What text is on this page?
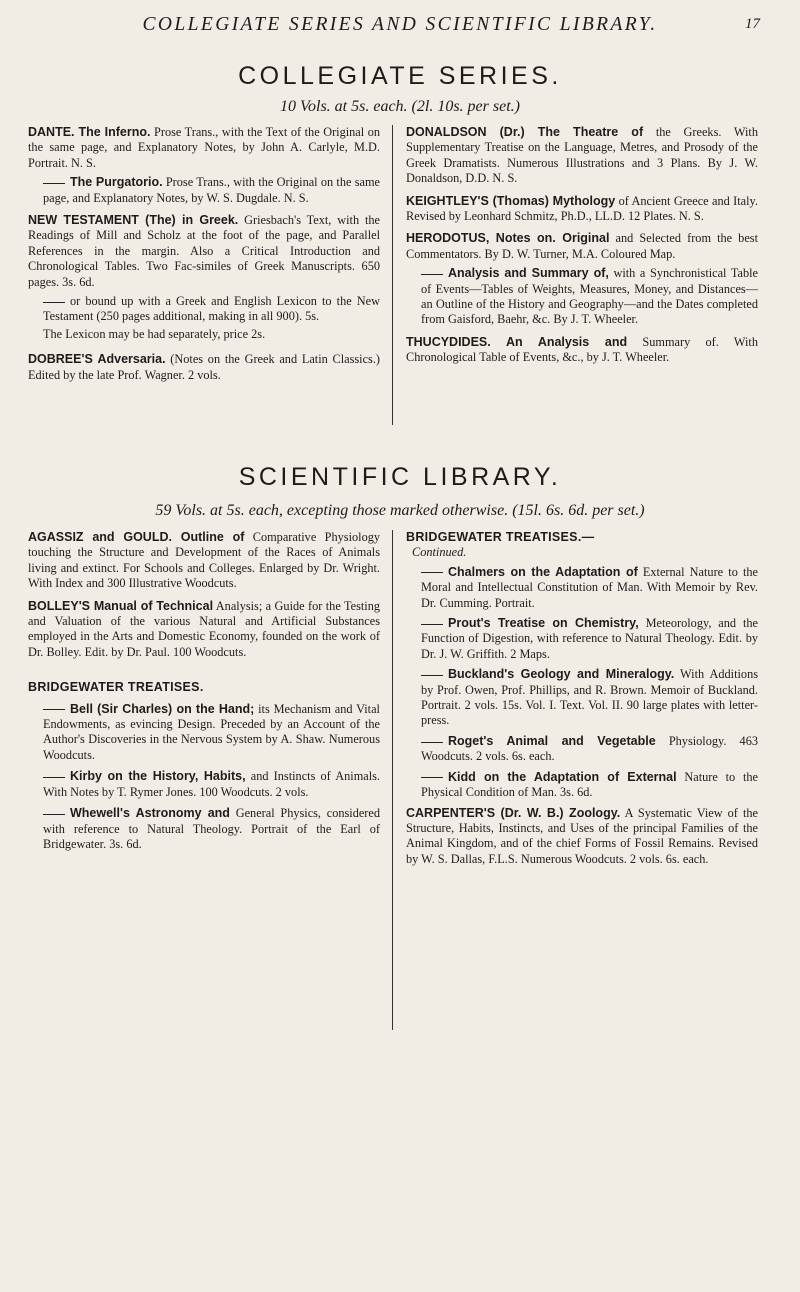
COLLEGIATE SERIES AND SCIENTIFIC LIBRARY.	17
COLLEGIATE SERIES.
10 Vols. at 5s. each. (2l. 10s. per set.)

DANTE. The Inferno. Prose Trans., with the Text of the Original on the same page, and Explanatory Notes, by John A. Carlyle, M.D. Portrait. N. S.

The Purgatorio. Prose Trans., with the Original on the same page, and Explanatory Notes, by W. S. Dugdale. N. S.

NEW TESTAMENT (The) in Greek. Griesbach's Text, with the Readings of Mill and Scholz at the foot of the page, and Parallel References in the margin. Also a Critical Introduction and Chronological Tables. Two Fac-similes of Greek Manuscripts. 650 pages. 3s. 6d.

or bound up with a Greek and English Lexicon to the New Testament (250 pages additional, making in all 900). 5s.

The Lexicon may be had separately, price 2s.

DOBREE'S Adversaria. (Notes on the Greek and Latin Classics.) Edited by the late Prof. Wagner. 2 vols.

DONALDSON (Dr.) The Theatre of the Greeks. With Supplementary Treatise on the Language, Metres, and Prosody of the Greek Dramatists. Numerous Illustrations and 3 Plans. By J. W. Donaldson, D.D. N. S.

KEIGHTLEY'S (Thomas) Mythology of Ancient Greece and Italy. Revised by Leonhard Schmitz, Ph.D., LL.D. 12 Plates. N. S.

HERODOTUS, Notes on. Original and Selected from the best Commentators. By D. W. Turner, M.A. Coloured Map.

Analysis and Summary of, with a Synchronistical Table of Events—Tables of Weights, Measures, Money, and Distances—an Outline of the History and Geography—and the Dates completed from Gaisford, Baehr, &c. By J. T. Wheeler.

THUCYDIDES. An Analysis and Summary of. With Chronological Table of Events, &c., by J. T. Wheeler.

SCIENTIFIC LIBRARY.
59 Vols. at 5s. each, excepting those marked otherwise. (15l. 6s. 6d. per set.)

AGASSIZ and GOULD. Outline of Comparative Physiology touching the Structure and Development of the Races of Animals living and extinct. For Schools and Colleges. Enlarged by Dr. Wright. With Index and 300 Illustrative Woodcuts.

BOLLEY'S Manual of Technical Analysis; a Guide for the Testing and Valuation of the various Natural and Artificial Substances employed in the Arts and Domestic Economy, founded on the work of Dr. Bolley. Edit. by Dr. Paul. 100 Woodcuts.

BRIDGEWATER TREATISES.

Bell (Sir Charles) on the Hand; its Mechanism and Vital Endowments, as evincing Design. Preceded by an Account of the Author's Discoveries in the Nervous System by A. Shaw. Numerous Woodcuts.

Kirby on the History, Habits, and Instincts of Animals. With Notes by T. Rymer Jones. 100 Woodcuts. 2 vols.

Whewell's Astronomy and General Physics, considered with reference to Natural Theology. Portrait of the Earl of Bridgewater. 3s. 6d.

BRIDGEWATER TREATISES.—
Continued.

Chalmers on the Adaptation of External Nature to the Moral and Intellectual Constitution of Man. With Memoir by Rev. Dr. Cumming. Portrait.

Prout's Treatise on Chemistry, Meteorology, and the Function of Digestion, with reference to Natural Theology. Edit. by Dr. J. W. Griffith. 2 Maps.

Buckland's Geology and Mineralogy. With Additions by Prof. Owen, Prof. Phillips, and R. Brown. Memoir of Buckland. Portrait. 2 vols. 15s. Vol. I. Text. Vol. II. 90 large plates with letter-press.

Roget's Animal and Vegetable Physiology. 463 Woodcuts. 2 vols. 6s. each.

Kidd on the Adaptation of External Nature to the Physical Condition of Man. 3s. 6d.

CARPENTER'S (Dr. W. B.) Zoology. A Systematic View of the Structure, Habits, Instincts, and Uses of the principal Families of the Animal Kingdom, and of the chief Forms of Fossil Remains. Revised by W. S. Dallas, F.L.S. Numerous Woodcuts. 2 vols. 6s. each.
